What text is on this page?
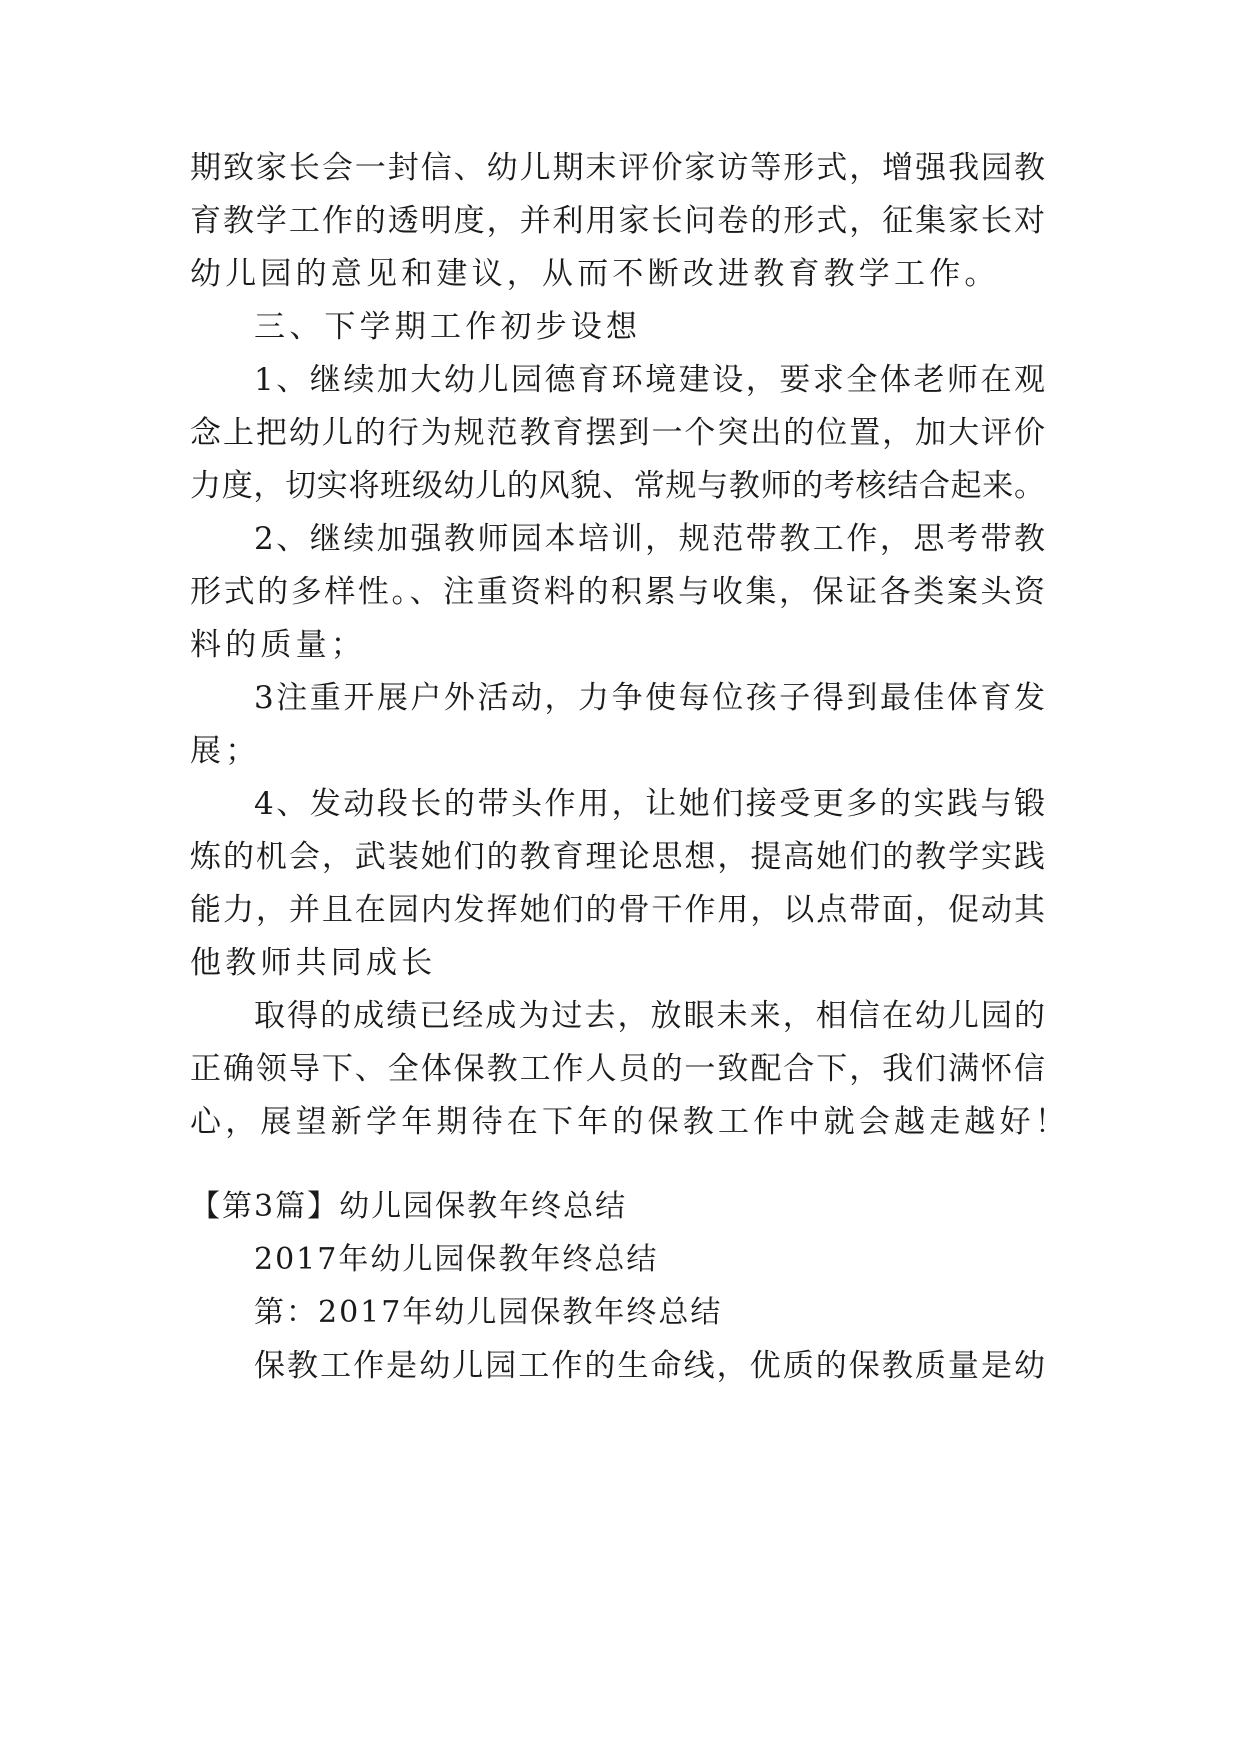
期致家长会一封信、幼儿期末评价家访等形式，增强我园教
育教学工作的透明度，并利用家长问卷的形式，征集家长对
幼儿园的意见和建议，从而不断改进教育教学工作。
三、下学期工作初步设想
1、继续加大幼儿园德育环境建设，要求全体老师在观
念上把幼儿的行为规范教育摆到一个突出的位置，加大评价
力度，切实将班级幼儿的风貌、常规与教师的考核结合起来。
2、继续加强教师园本培训，规范带教工作，思考带教
形式的多样性。、注重资料的积累与收集，保证各类案头资
料的质量；
3注重开展户外活动，力争使每位孩子得到最佳体育发
展；
4、发动段长的带头作用，让她们接受更多的实践与锻
炼的机会，武装她们的教育理论思想，提高她们的教学实践
能力，并且在园内发挥她们的骨干作用，以点带面，促动其
他教师共同成长
取得的成绩已经成为过去，放眼未来，相信在幼儿园的
正确领导下、全体保教工作人员的一致配合下，我们满怀信
心，展望新学年期待在下年的保教工作中就会越走越好！
【第3篇】幼儿园保教年终总结
2017年幼儿园保教年终总结
第：2017年幼儿园保教年终总结
保教工作是幼儿园工作的生命线，优质的保教质量是幼
